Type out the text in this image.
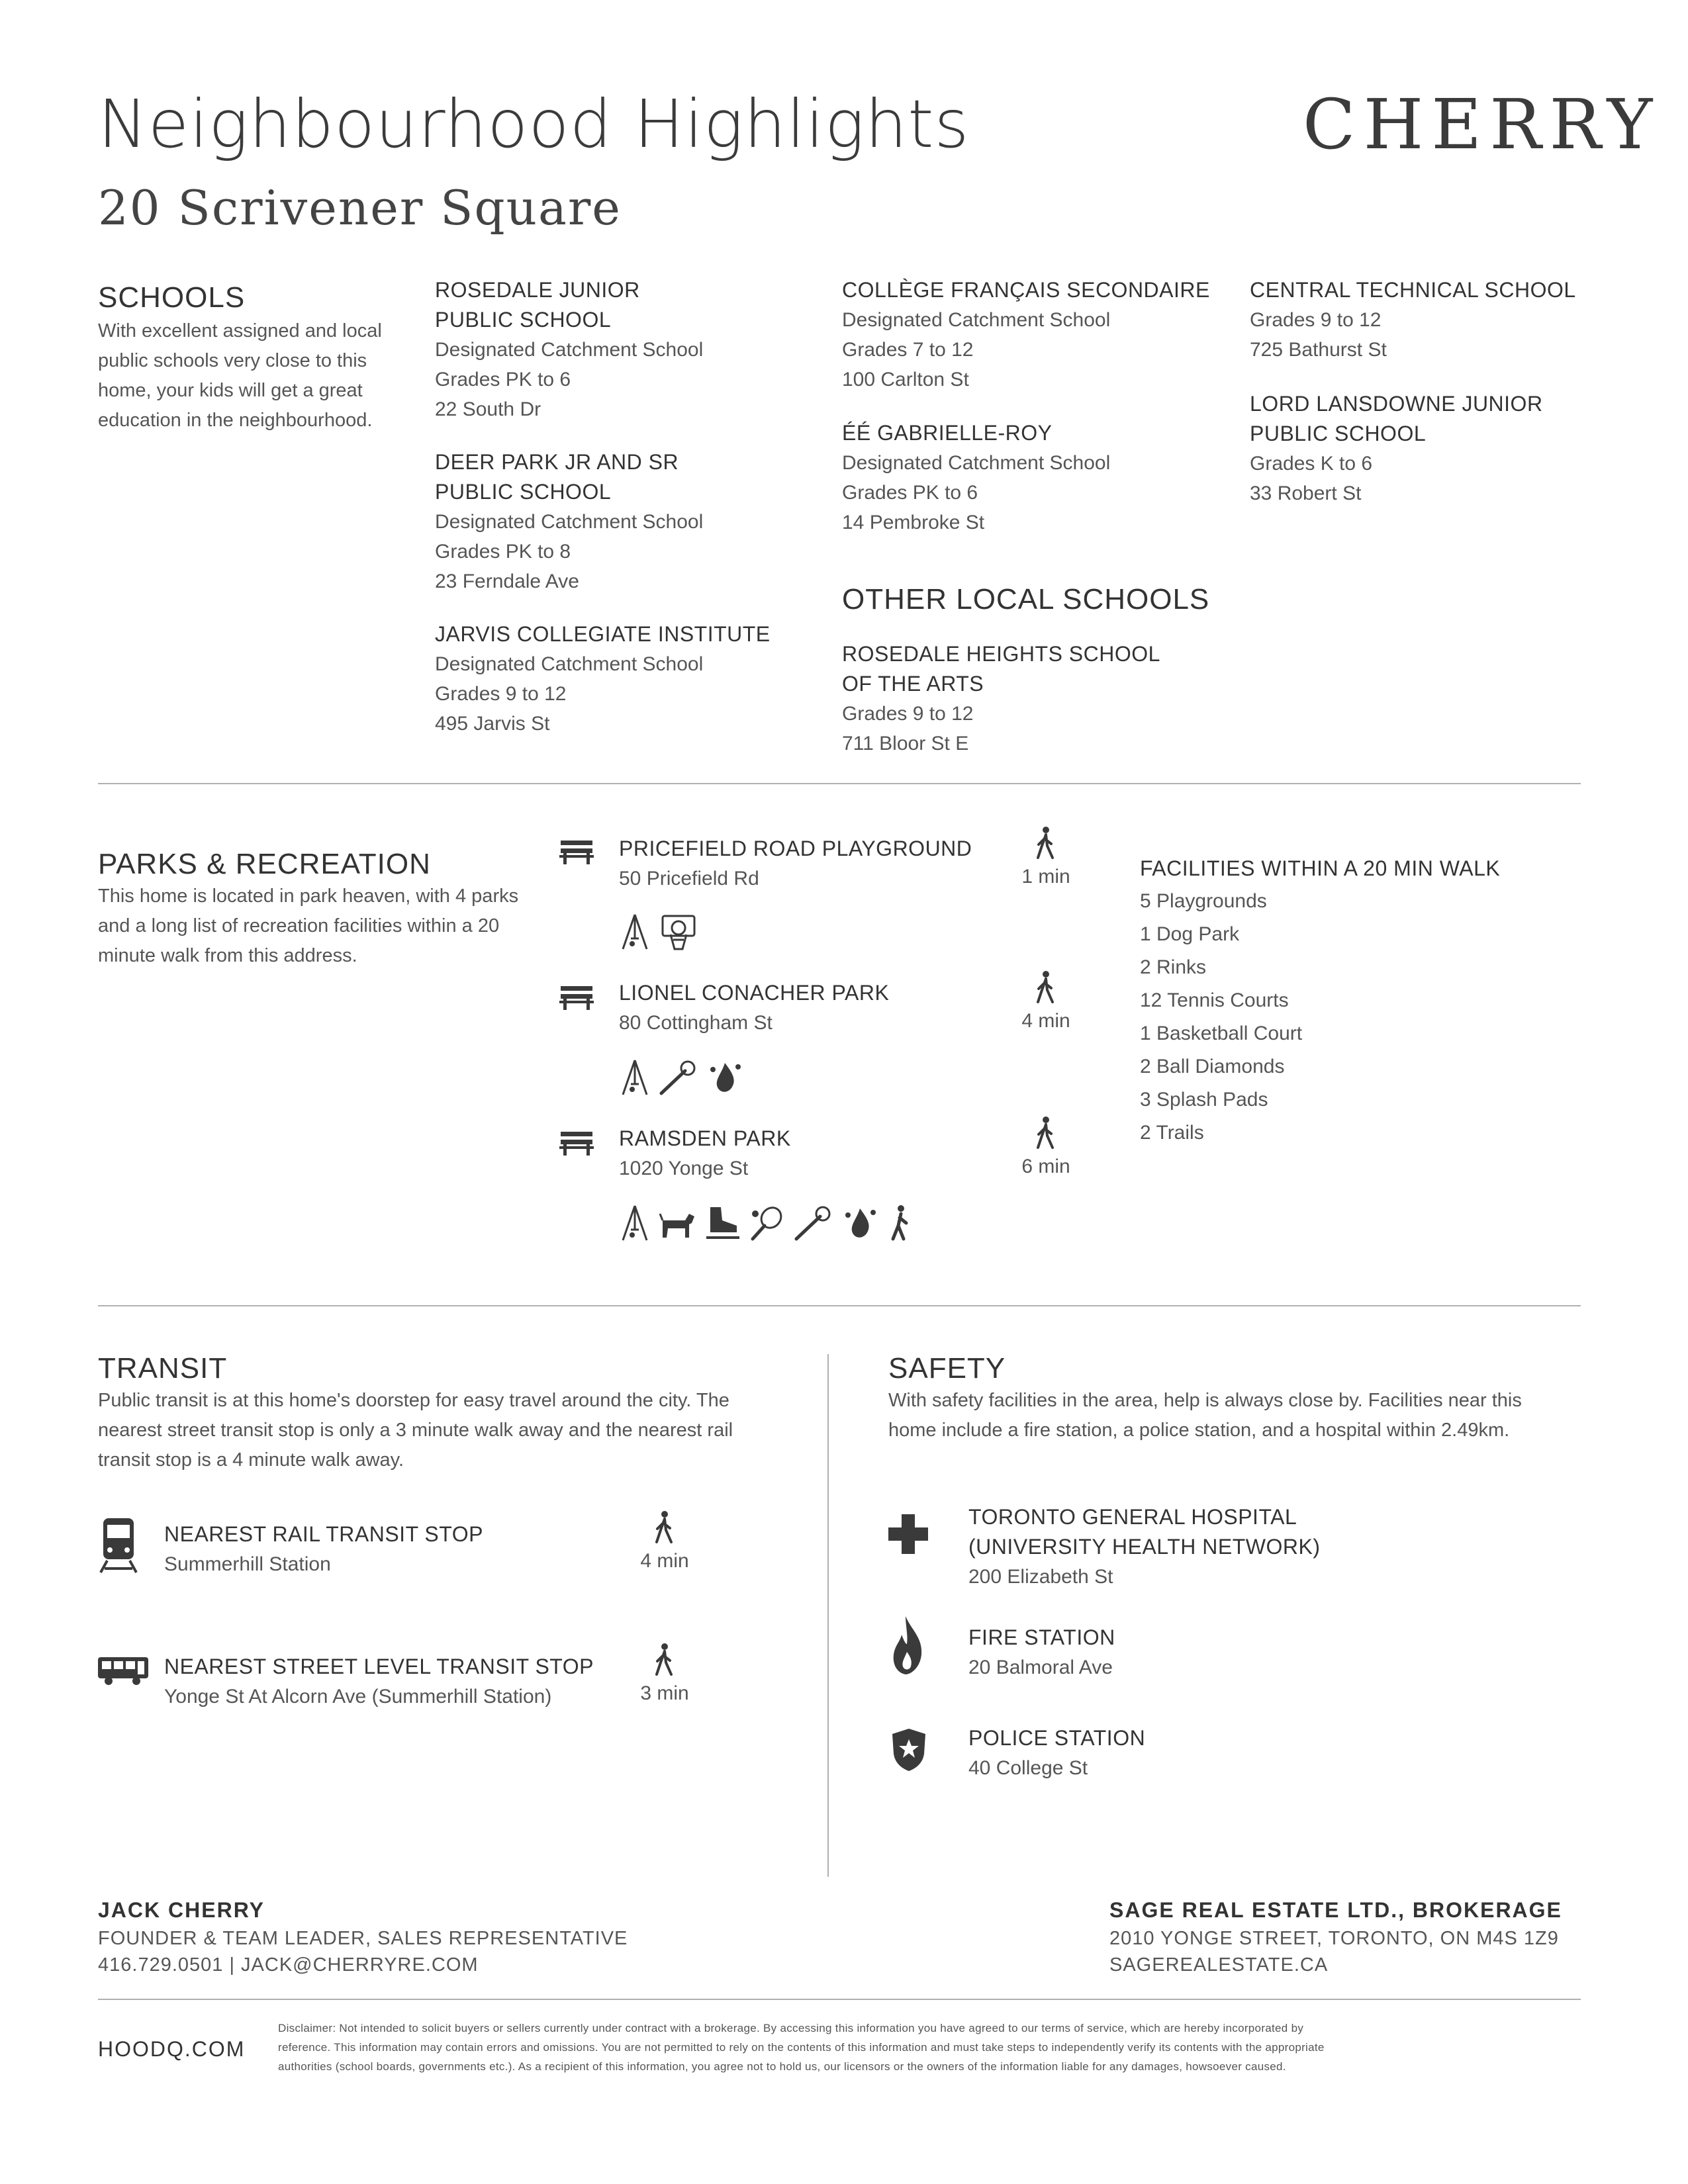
Neighbourhood Highlights
20 Scrivener Square
CHERRY
SCHOOLS
With excellent assigned and local
public schools very close to this
home, your kids will get a great
education in the neighbourhood.
ROSEDALE JUNIOR
PUBLIC SCHOOL
Designated Catchment School
Grades PK to 6
22 South Dr
DEER PARK JR AND SR
PUBLIC SCHOOL
Designated Catchment School
Grades PK to 8
23 Ferndale Ave
JARVIS COLLEGIATE INSTITUTE
Designated Catchment School
Grades 9 to 12
495 Jarvis St
COLLÈGE FRANÇAIS SECONDAIRE
Designated Catchment School
Grades 7 to 12
100 Carlton St
ÉÉ GABRIELLE-ROY
Designated Catchment School
Grades PK to 6
14 Pembroke St
OTHER LOCAL SCHOOLS
ROSEDALE HEIGHTS SCHOOL
OF THE ARTS
Grades 9 to 12
711 Bloor St E
CENTRAL TECHNICAL SCHOOL
Grades 9 to 12
725 Bathurst St
LORD LANSDOWNE JUNIOR
PUBLIC SCHOOL
Grades K to 6
33 Robert St
PARKS & RECREATION
This home is located in park heaven, with 4 parks
and a long list of recreation facilities within a 20
minute walk from this address.
PRICEFIELD ROAD PLAYGROUND
50 Pricefield Rd	1 min
LIONEL CONACHER PARK
80 Cottingham St	4 min
RAMSDEN PARK
1020 Yonge St	6 min
FACILITIES WITHIN A 20 MIN WALK
5 Playgrounds
1 Dog Park
2 Rinks
12 Tennis Courts
1 Basketball Court
2 Ball Diamonds
3 Splash Pads
2 Trails
TRANSIT
Public transit is at this home's doorstep for easy travel around the city. The
nearest street transit stop is only a 3 minute walk away and the nearest rail
transit stop is a 4 minute walk away.
NEAREST RAIL TRANSIT STOP
Summerhill Station	4 min
NEAREST STREET LEVEL TRANSIT STOP
Yonge St At Alcorn Ave (Summerhill Station)	3 min
SAFETY
With safety facilities in the area, help is always close by. Facilities near this
home include a fire station, a police station, and a hospital within 2.49km.
TORONTO GENERAL HOSPITAL
(UNIVERSITY HEALTH NETWORK)
200 Elizabeth St
FIRE STATION
20 Balmoral Ave
POLICE STATION
40 College St
JACK CHERRY
FOUNDER & TEAM LEADER, SALES REPRESENTATIVE
416.729.0501 | JACK@CHERRYRE.COM
SAGE REAL ESTATE LTD., BROKERAGE
2010 YONGE STREET, TORONTO, ON M4S 1Z9
SAGEREALESTATE.CA
HOODQ.COM
Disclaimer: Not intended to solicit buyers or sellers currently under contract with a brokerage. By accessing this information you have agreed to our terms of service, which are hereby incorporated by
reference. This information may contain errors and omissions. You are not permitted to rely on the contents of this information and must take steps to independently verify its contents with the appropriate
authorities (school boards, governments etc.). As a recipient of this information, you agree not to hold us, our licensors or the owners of the information liable for any damages, howsoever caused.
